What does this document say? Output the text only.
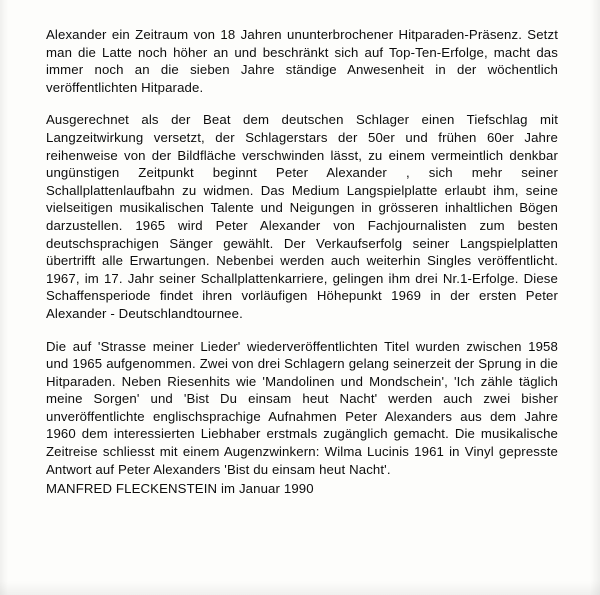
Alexander ein Zeitraum von 18 Jahren ununterbrochener Hitparaden-Präsenz. Setzt man die Latte noch höher an und beschränkt sich auf Top-Ten-Erfolge, macht das immer noch an die sieben Jahre ständige Anwesenheit in der wöchentlich veröffentlichten Hitparade.

Ausgerechnet als der Beat dem deutschen Schlager einen Tiefschlag mit Langzeitwirkung versetzt, der Schlagerstars der 50er und frühen 60er Jahre reihenweise von der Bildfläche verschwinden lässt, zu einem vermeintlich denkbar ungünstigen Zeitpunkt beginnt Peter Alexander , sich mehr seiner Schallplattenlaufbahn zu widmen. Das Medium Langspielplatte erlaubt ihm, seine vielseitigen musikalischen Talente und Neigungen in grösseren inhaltlichen Bögen darzustellen. 1965 wird Peter Alexander von Fachjournalisten zum besten deutschsprachigen Sänger gewählt. Der Verkaufserfolg seiner Langspielplatten übertrifft alle Erwartungen. Nebenbei werden auch weiterhin Singles veröffentlicht. 1967, im 17. Jahr seiner Schallplattenkarriere, gelingen ihm drei Nr.1-Erfolge. Diese Schaffensperiode findet ihren vorläufigen Höhepunkt 1969 in der ersten Peter Alexander - Deutschlandtournee.

Die auf 'Strasse meiner Lieder' wiederveröffentlichten Titel wurden zwischen 1958 und 1965 aufgenommen. Zwei von drei Schlagern gelang seinerzeit der Sprung in die Hitparaden. Neben Riesenhits wie 'Mandolinen und Mondschein', 'Ich zähle täglich meine Sorgen' und 'Bist Du einsam heut Nacht' werden auch zwei bisher unveröffentlichte englischsprachige Aufnahmen Peter Alexanders aus dem Jahre 1960 dem interessierten Liebhaber erstmals zugänglich gemacht. Die musikalische Zeitreise schliesst mit einem Augenzwinkern: Wilma Lucinis 1961 in Vinyl gepresste Antwort auf Peter Alexanders 'Bist du einsam heut Nacht'.

MANFRED FLECKENSTEIN im Januar 1990
